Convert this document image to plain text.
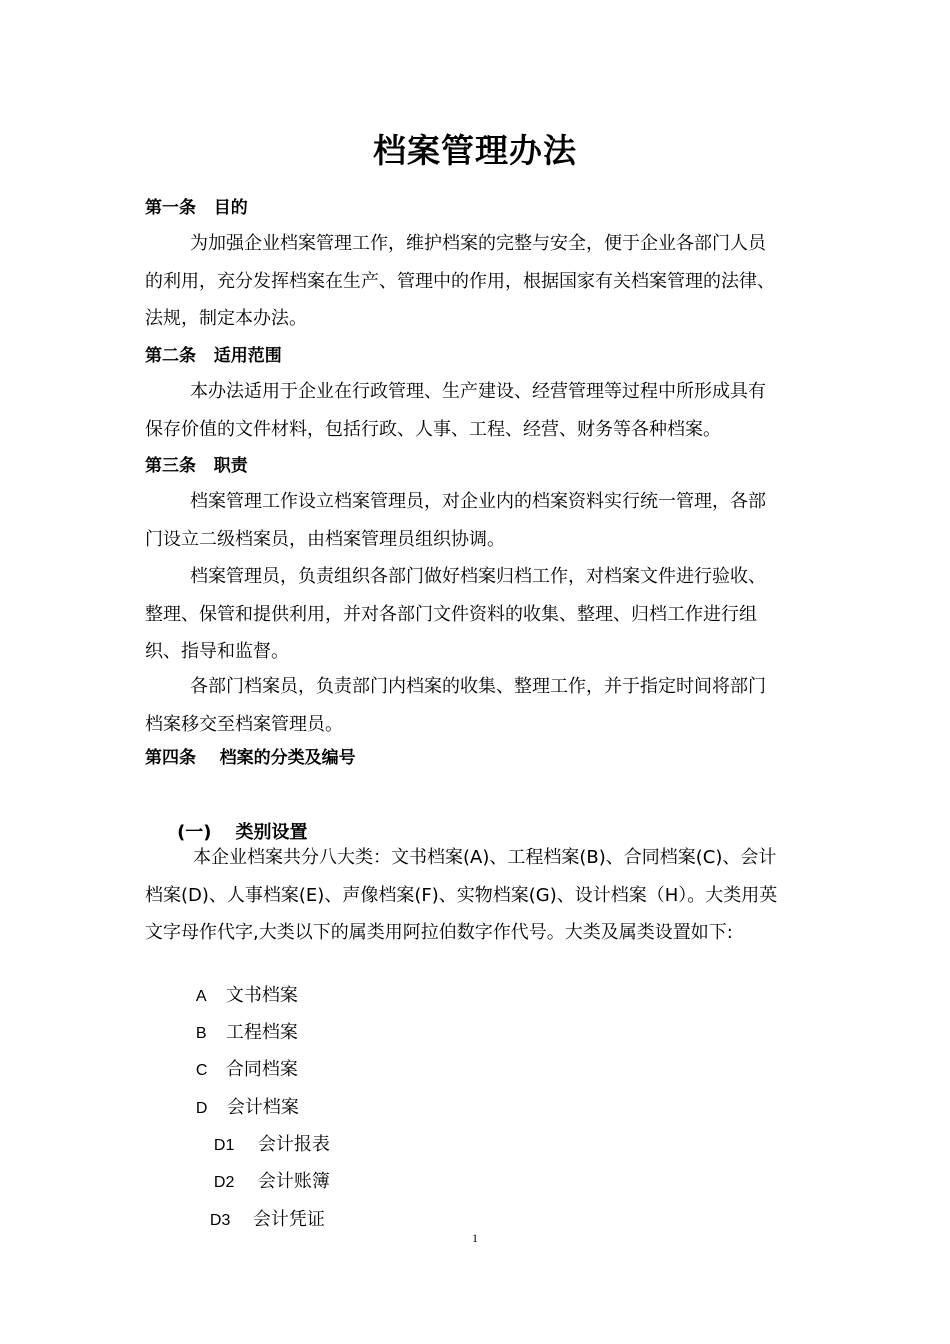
档案管理办法
第一条   目的
为加强企业档案管理工作，维护档案的完整与安全，便于企业各部门人员
的利用，充分发挥档案在生产、管理中的作用，根据国家有关档案管理的法律、
法规，制定本办法。
第二条   适用范围
本办法适用于企业在行政管理、生产建设、经营管理等过程中所形成具有
保存价值的文件材料，包括行政、人事、工程、经营、财务等各种档案。
第三条   职责
档案管理工作设立档案管理员，对企业内的档案资料实行统一管理，各部
门设立二级档案员，由档案管理员组织协调。
档案管理员，负责组织各部门做好档案归档工作，对档案文件进行验收、
整理、保管和提供利用，并对各部门文件资料的收集、整理、归档工作进行组
织、指导和监督。
各部门档案员，负责部门内档案的收集、整理工作，并于指定时间将部门
档案移交至档案管理员。
第四条    档案的分类及编号

(一) 类别设置

本企业档案共分八大类：文书档案(A)、工程档案(B)、合同档案(C)、会计
档案(D)、人事档案(E)、声像档案(F)、实物档案(G)、设计档案（H）。大类用英
文字母作代字,大类以下的属类用阿拉伯数字作代号。大类及属类设置如下:

A 文书档案

B 工程档案

C 合同档案

D 会计档案

D1 会计报表

D2 会计账簿

D3 会计凭证

1
